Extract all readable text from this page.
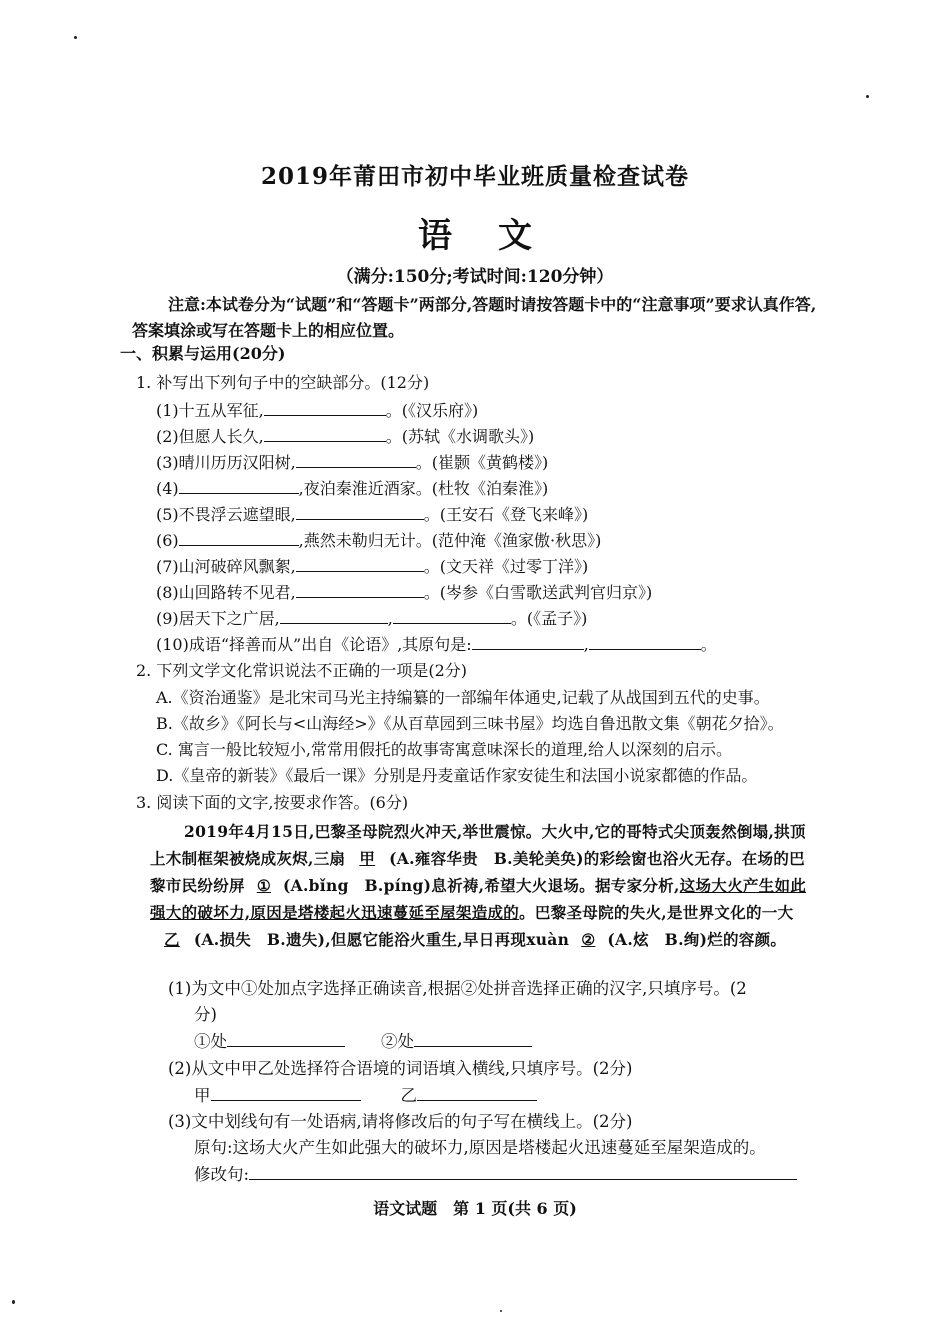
2019年莆田市初中毕业班质量检查试卷
语 文
（满分:150分;考试时间:120分钟）
注意:本试卷分为“试题”和“答题卡”两部分,答题时请按答题卡中的“注意事项”要求认真作答,答案填涂或写在答题卡上的相应位置。
一、积累与运用(20分)
1. 补写出下列句子中的空缺部分。(12分)
(1)十五从军征,	。(《汉乐府》)
(2)但愿人长久,	。(苏轼《水调歌头》)
(3)晴川历历汉阳树,	。(崔颢《黄鹤楼》)
(4)	,夜泊秦淮近酒家。(杜牧《泊秦淮》)
(5)不畏浮云遮望眼,	。(王安石《登飞来峰》)
(6)	,燕然未勒归无计。(范仲淹《渔家傲·秋思》)
(7)山河破碎风飘絮,	。(文天祥《过零丁洋》)
(8)山回路转不见君,	。(岑参《白雪歌送武判官归京》)
(9)居天下之广居,	,	。(《孟子》)
(10)成语“择善而从”出自《论语》,其原句是:	,	。
2. 下列文学文化常识说法不正确的一项是(2分)
A.《资治通鉴》是北宋司马光主持编纂的一部编年体通史,记载了从战国到五代的史事。
B.《故乡》《阿长与<山海经>》《从百草园到三味书屋》均选自鲁迅散文集《朝花夕拾》。
C. 寓言一般比较短小,常常用假托的故事寄寓意味深长的道理,给人以深刻的启示。
D.《皇帝的新装》《最后一课》分别是丹麦童话作家安徒生和法国小说家都德的作品。
3. 阅读下面的文字,按要求作答。(6分)
2019年4月15日,巴黎圣母院烈火冲天,举世震惊。大火中,它的哥特式尖顶轰然倒塌,拱顶上木制框架被烧成灰烬,三扇 甲 (A.雍容华贵　B.美轮美奂)的彩绘窗也浴火无存。在场的巴黎市民纷纷屏 ① (A.bǐng　B.píng)息祈祷,希望大火退场。据专家分析,这场大火产生如此强大的破坏力,原因是塔楼起火迅速蔓延至屋架造成的。巴黎圣母院的失火,是世界文化的一大乙 (A.损失　B.遗失),但愿它能浴火重生,早日再现xuàn ② (A.炫　B.绚)烂的容颜。
(1)为文中①处加点字选择正确读音,根据②处拼音选择正确的汉字,只填序号。(2
分)
①处	②处
(2)从文中甲乙处选择符合语境的词语填入横线,只填序号。(2分)
甲	乙
(3)文中划线句有一处语病,请将修改后的句子写在横线上。(2分)
原句:这场大火产生如此强大的破坏力,原因是塔楼起火迅速蔓延至屋架造成的。
修改句:
语文试题　第 1 页(共 6 页)
